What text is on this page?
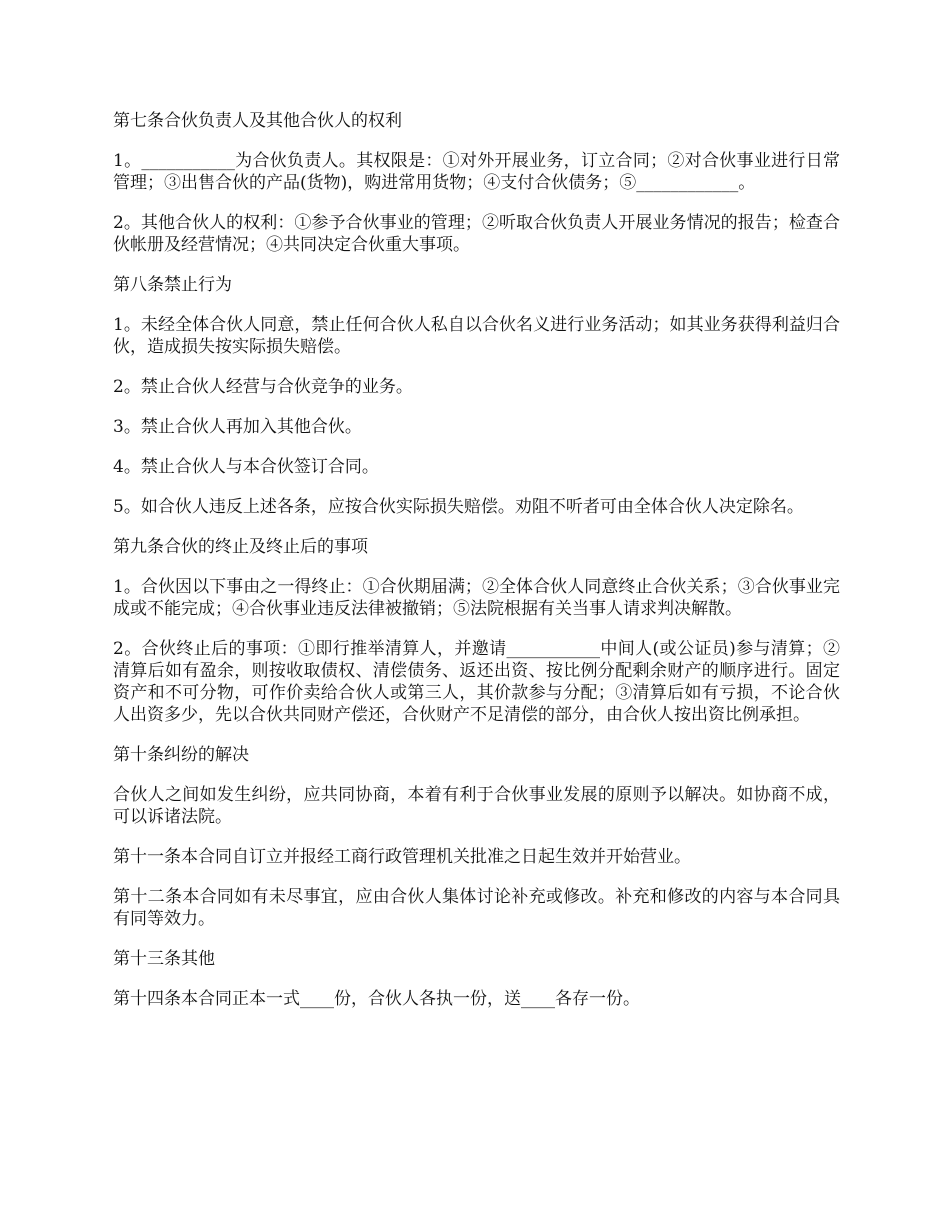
第七条合伙负责人及其他合伙人的权利

1。___________为合伙负责人。其权限是：①对外开展业务，订立合同；②对合伙事业进行日常管理；③出售合伙的产品(货物)，购进常用货物；④支付合伙债务；⑤____________。

2。其他合伙人的权利：①参予合伙事业的管理；②听取合伙负责人开展业务情况的报告；检查合伙帐册及经营情况；④共同决定合伙重大事项。

第八条禁止行为

1。未经全体合伙人同意，禁止任何合伙人私自以合伙名义进行业务活动；如其业务获得利益归合伙，造成损失按实际损失赔偿。

2。禁止合伙人经营与合伙竞争的业务。

3。禁止合伙人再加入其他合伙。

4。禁止合伙人与本合伙签订合同。

5。如合伙人违反上述各条，应按合伙实际损失赔偿。劝阻不听者可由全体合伙人决定除名。

第九条合伙的终止及终止后的事项

1。合伙因以下事由之一得终止：①合伙期届满；②全体合伙人同意终止合伙关系；③合伙事业完成或不能完成；④合伙事业违反法律被撤销；⑤法院根据有关当事人请求判决解散。

2。合伙终止后的事项：①即行推举清算人，并邀请___________中间人(或公证员)参与清算；②清算后如有盈余，则按收取债权、清偿债务、返还出资、按比例分配剩余财产的顺序进行。固定资产和不可分物，可作价卖给合伙人或第三人，其价款参与分配；③清算后如有亏损，不论合伙人出资多少，先以合伙共同财产偿还，合伙财产不足清偿的部分，由合伙人按出资比例承担。

第十条纠纷的解决

合伙人之间如发生纠纷，应共同协商，本着有利于合伙事业发展的原则予以解决。如协商不成，可以诉诸法院。

第十一条本合同自订立并报经工商行政管理机关批准之日起生效并开始营业。

第十二条本合同如有未尽事宜，应由合伙人集体讨论补充或修改。补充和修改的内容与本合同具有同等效力。

第十三条其他

第十四条本合同正本一式____份，合伙人各执一份，送____各存一份。
